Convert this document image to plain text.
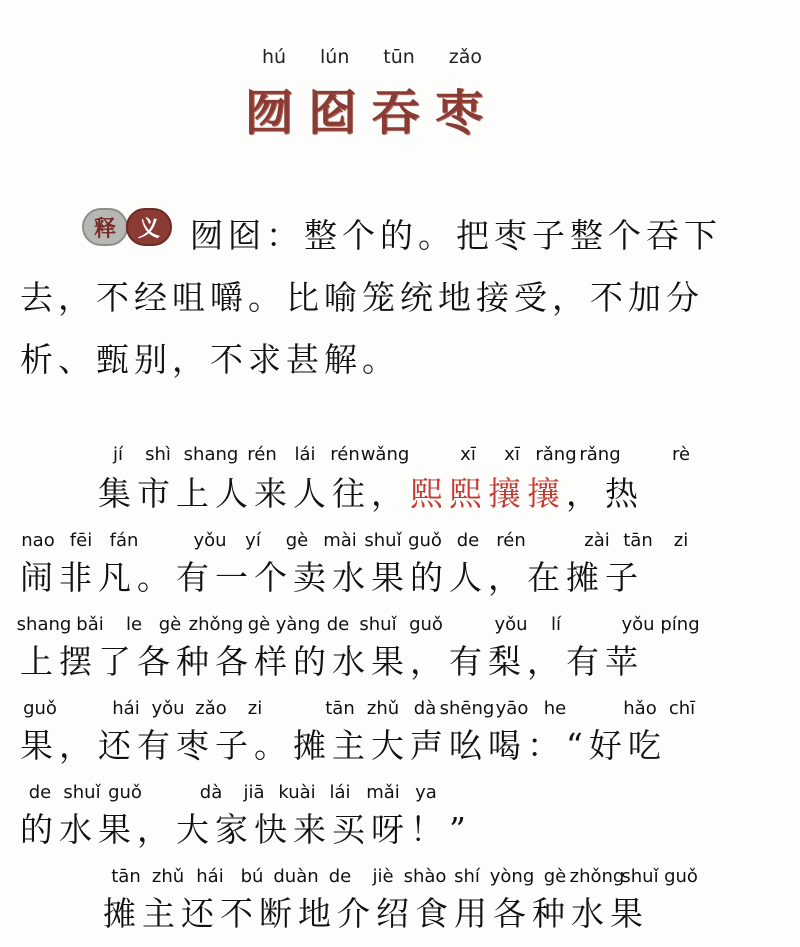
hú lún tūn zǎo
囫 囵 吞 枣
释 义 囫囵：整个的。把枣子整个吞下
去，不经咀嚼。比喻笼统地接受，不加分
析、甄别，不求甚解。
jí shì shang rén lái rén wǎng	xī xī rǎng rǎng	rè
集市上人来人往，熙熙攘攘，热
nao fēi fán	yǒu yí gè mài shuǐ guǒ de rén	zài tān zi
闹非凡。有一个卖水果的人，在摊子
shang bǎi le gè zhǒng gè yàng de shuǐ guǒ	yǒu lí	yǒu píng
上摆了各种各样的水果，有梨，有苹
guǒ	hái yǒu zǎo zi	tān zhǔ dà shēng yāo he	hǎo chī
果，还有枣子。摊主大声吆喝：“好吃
de shuǐ guǒ	dà jiā kuài lái mǎi ya
的水果，大家快来买呀！”
tān zhǔ hái bú duàn de jiè shào shí yòng gè zhǒng
shuǐ guǒ
摊主还不断地介绍食用各种水果
